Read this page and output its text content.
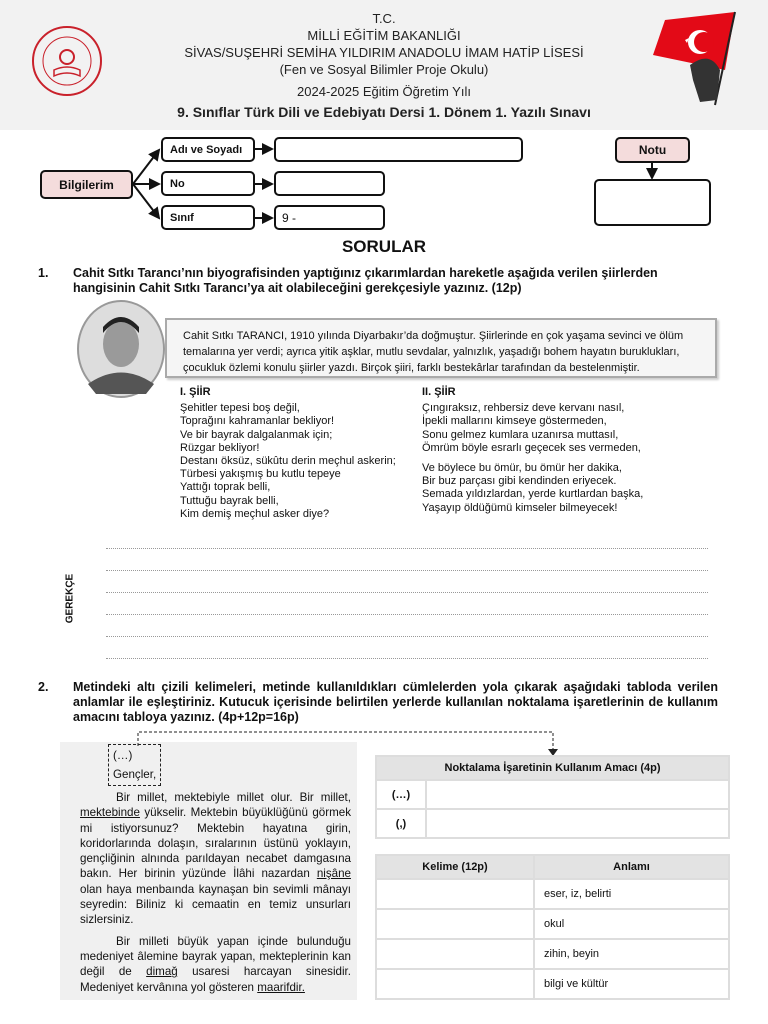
T.C.
MİLLİ EĞİTİM BAKANLIĞI
SİVAS/SUŞEHRİ SEMİHA YILDIRIM ANADOLU İMAM HATİP LİSESİ
(Fen ve Sosyal Bilimler Proje Okulu)
2024-2025 Eğitim Öğretim Yılı
9. Sınıflar Türk Dili ve Edebiyatı Dersi 1. Dönem 1. Yazılı Sınavı
Bilgilerim
Adı ve Soyadı
No
Sınıf	9 -
Notu
SORULAR
1. Cahit Sıtkı Tarancı’nın biyografisinden yaptığınız çıkarımlardan hareketle aşağıda verilen şiirlerden hangisinin Cahit Sıtkı Tarancı’ya ait olabileceğini gerekçesiyle yazınız. (12p)
Cahit Sıtkı TARANCI, 1910 yılında Diyarbakır’da doğmuştur. Şiirlerinde en çok yaşama sevinci ve ölüm temalarına yer verdi; ayrıca yitik aşklar, mutlu sevdalar, yalnızlık, yaşadığı bohem hayatın buruklukları, çocukluk özlemi konulu şiirler yazdı. Birçok şiiri, farklı bestekârlar tarafından da bestelenmiştir.
I. ŞİİR
Şehitler tepesi boş değil,
Toprağını kahramanlar bekliyor!
Ve bir bayrak dalgalanmak için;
Rüzgar bekliyor!
Destanı öksüz, sükûtu derin meçhul askerin;
Türbesi yakışmış bu kutlu tepeye
Yattığı toprak belli,
Tuttuğu bayrak belli,
Kim demiş meçhul asker diye?
II. ŞİİR
Çıngıraksız, rehbersiz deve kervanı nasıl,
İpekli mallarını kimseye göstermeden,
Sonu gelmez kumlara uzanırsa muttasıl,
Ömrüm böyle esrarlı geçecek ses vermeden,
Ve böylece bu ömür, bu ömür her dakika,
Bir buz parçası gibi kendinden eriyecek.
Semada yıldızlardan, yerde kurtlardan başka,
Yaşayıp öldüğümü kimseler bilmeyecek!
GEREKÇE
2. Metindeki altı çizili kelimeleri, metinde kullanıldıkları cümlelerden yola çıkarak aşağıdaki tabloda verilen anlamlar ile eşleştiriniz. Kutucuk içerisinde belirtilen yerlerde kullanılan noktalama işaretlerinin de kullanım amacını tabloya yazınız. (4p+12p=16p)
(…)
Gençler,

Bir millet, mektebiyle millet olur. Bir millet, mektebinde yükselir. Mektebin büyüklüğünü görmek mi istiyorsunuz? Mektebin hayatına girin, koridorlarında dolaşın, sıralarının üstünü yoklayın, gençliğinin alnında parıldayan necabet damgasına bakın. Her birinin yüzünde İlâhi nazardan nişâne olan haya menbaında kaynaşan bin sevimli mânayı seyredin: Biliniz ki cemaatin en temiz unsurları sizlersiniz.

Bir milleti büyük yapan içinde bulunduğu medeniyet âlemine bayrak yapan, mekteplerinin kan değil de dimağ usaresi harcayan sinesidir. Medeniyet kervânına yol gösteren maarifdir.

Noktalama İşaretinin Kullanım Amacı (4p)	
(…)	
(,)	
Kelime (12p)	Anlamı
	eser, iz, belirti
	okul
	zihin, beyin
	bilgi ve kültür
